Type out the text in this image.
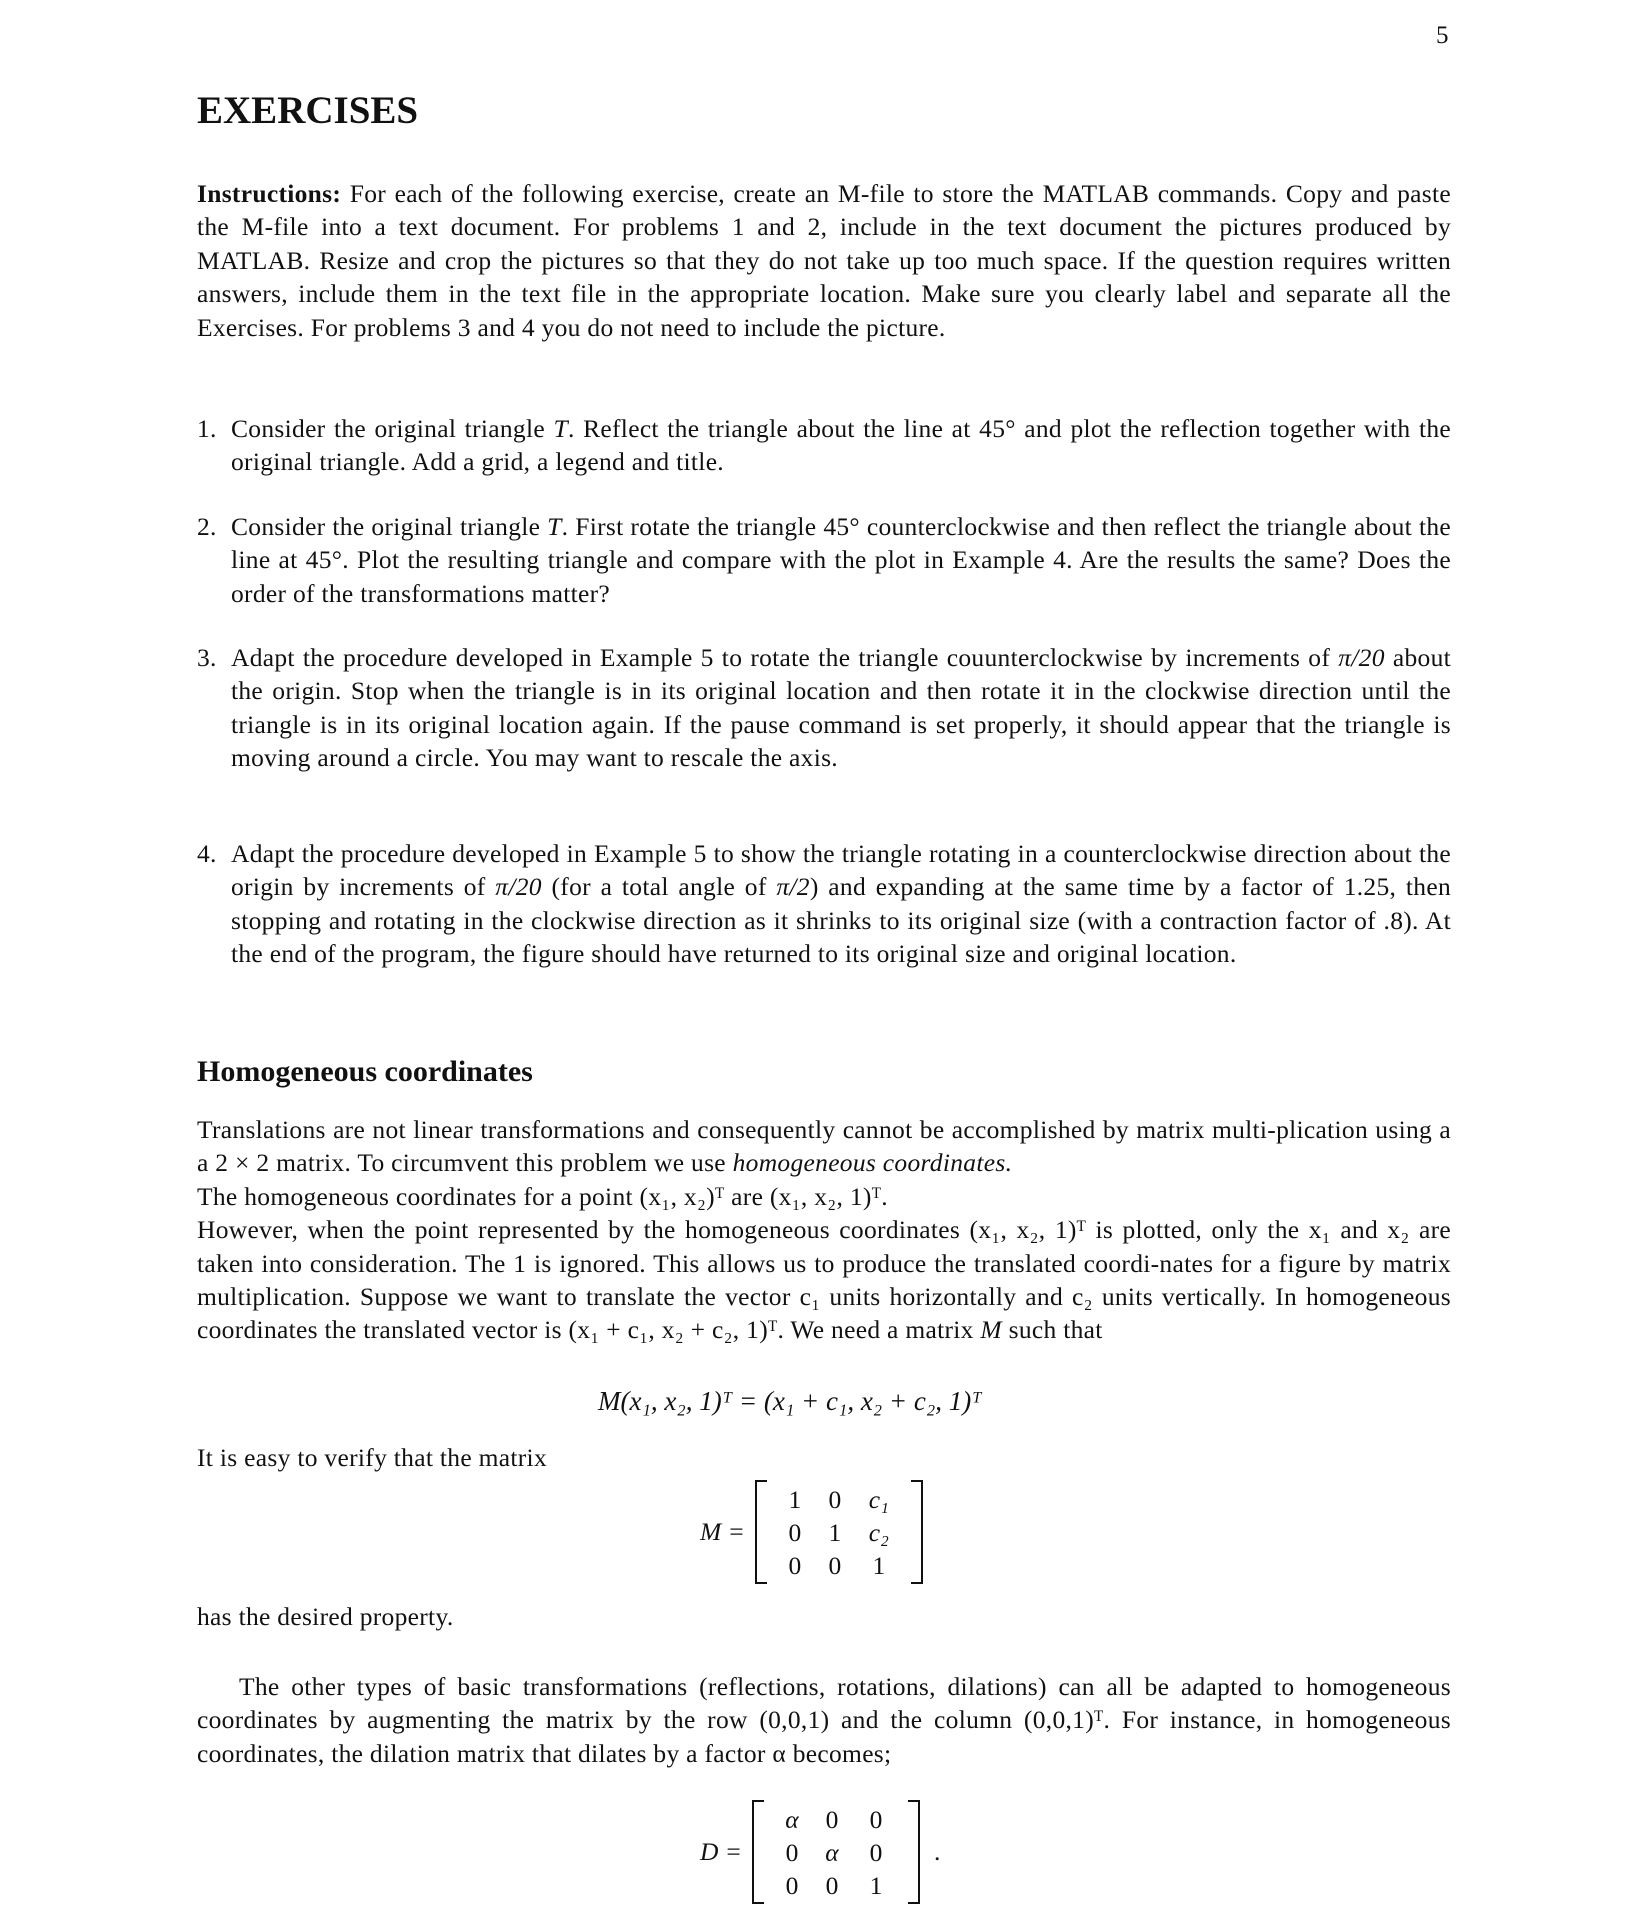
5
EXERCISES
Instructions: For each of the following exercise, create an M-file to store the MATLAB commands. Copy and paste the M-file into a text document. For problems 1 and 2, include in the text document the pictures produced by MATLAB. Resize and crop the pictures so that they do not take up too much space. If the question requires written answers, include them in the text file in the appropriate location. Make sure you clearly label and separate all the Exercises. For problems 3 and 4 you do not need to include the picture.
1. Consider the original triangle T. Reflect the triangle about the line at 45° and plot the reflection together with the original triangle. Add a grid, a legend and title.
2. Consider the original triangle T. First rotate the triangle 45° counterclockwise and then reflect the triangle about the line at 45°. Plot the resulting triangle and compare with the plot in Example 4. Are the results the same? Does the order of the transformations matter?
3. Adapt the procedure developed in Example 5 to rotate the triangle couunterclockwise by increments of π/20 about the origin. Stop when the triangle is in its original location and then rotate it in the clockwise direction until the triangle is in its original location again. If the pause command is set properly, it should appear that the triangle is moving around a circle. You may want to rescale the axis.
4. Adapt the procedure developed in Example 5 to show the triangle rotating in a counterclockwise direction about the origin by increments of π/20 (for a total angle of π/2) and expanding at the same time by a factor of 1.25, then stopping and rotating in the clockwise direction as it shrinks to its original size (with a contraction factor of .8). At the end of the program, the figure should have returned to its original size and original location.
Homogeneous coordinates
Translations are not linear transformations and consequently cannot be accomplished by matrix multi-plication using a a 2 × 2 matrix. To circumvent this problem we use homogeneous coordinates.
The homogeneous coordinates for a point (x₁, x₂)ᵀ are (x₁, x₂, 1)ᵀ.
However, when the point represented by the homogeneous coordinates (x₁, x₂, 1)ᵀ is plotted, only the x₁ and x₂ are taken into consideration. The 1 is ignored. This allows us to produce the translated coordi-nates for a figure by matrix multiplication. Suppose we want to translate the vector c₁ units horizontally and c₂ units vertically. In homogeneous coordinates the translated vector is (x₁ + c₁, x₂ + c₂, 1)ᵀ. We need a matrix M such that
M(x₁, x₂, 1)ᵀ = (x₁ + c₁, x₂ + c₂, 1)ᵀ
It is easy to verify that the matrix
M =
1	0	c₁
0	1	c₂
0	0	1
has the desired property.
The other types of basic transformations (reflections, rotations, dilations) can all be adapted to homogeneous coordinates by augmenting the matrix by the row (0,0,1) and the column (0,0,1)ᵀ. For instance, in homogeneous coordinates, the dilation matrix that dilates by a factor α becomes;
D =
α	0	0
0	α	0
0	0	1
.
